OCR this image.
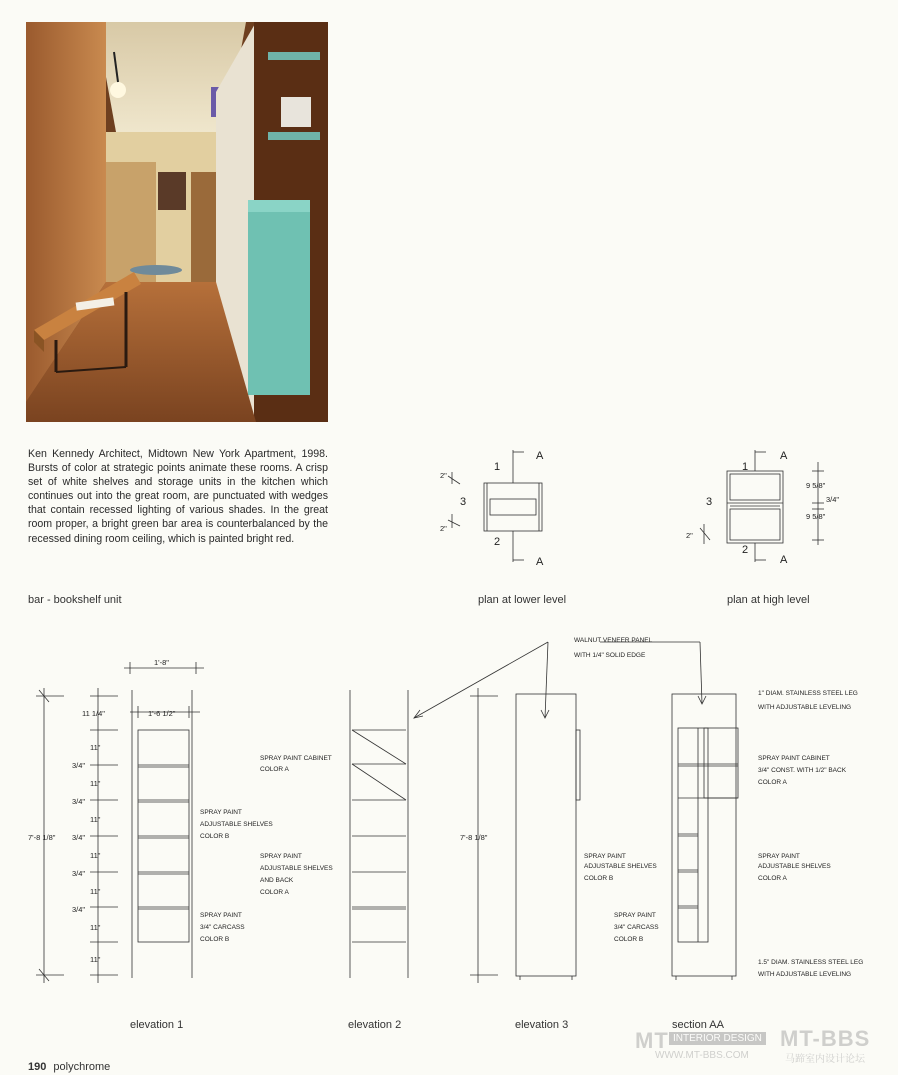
Ken Kennedy Architect, Midtown New York Apartment, 1998. Bursts of color at strategic points animate these rooms. A crisp set of white shelves and storage units in the kitchen which continues out into the great room, are punctuated with wedges that contain recessed lighting of various shades. In the great room proper, a bright green bar area is counterbalanced by the recessed dining room ceiling, which is painted bright red.
bar - bookshelf unit	plan at lower level	plan at high level
elevation 1	elevation 2	elevation 3	section AA
1
A
3
2
A
1
A
3
2
A
2"
2"
9 5/8"
3/4"
9 5/8"
2"
7'-8 1/8"
1'-8"
1'-6 1/2"
11 1/4"
11"
3/4"
11"
3/4"
11"
3/4"
11"
3/4"
11"
3/4"
11"
11"
7'-8 1/8"
WALNUT VENEER PANEL
WITH 1/4" SOLID EDGE
SPRAY PAINT CABINET
COLOR A
SPRAY PAINT
ADJUSTABLE SHELVES
COLOR B
SPRAY PAINT
ADJUSTABLE SHELVES
AND BACK
COLOR A
SPRAY PAINT
3/4" CARCASS
COLOR B
SPRAY PAINT
ADJUSTABLE SHELVES
COLOR B
SPRAY PAINT
3/4" CARCASS
COLOR B
1" DIAM. STAINLESS STEEL LEG
WITH ADJUSTABLE LEVELING
SPRAY PAINT CABINET
3/4" CONST. WITH 1/2" BACK
COLOR A
SPRAY PAINT
ADJUSTABLE SHELVES
COLOR A
1.5" DIAM. STAINLESS STEEL LEG
WITH ADJUSTABLE LEVELING
MT INTERIOR DESIGN MT-BBS
WWW.MT-BBS.COM	马蹄室内设计论坛
190 polychrome
